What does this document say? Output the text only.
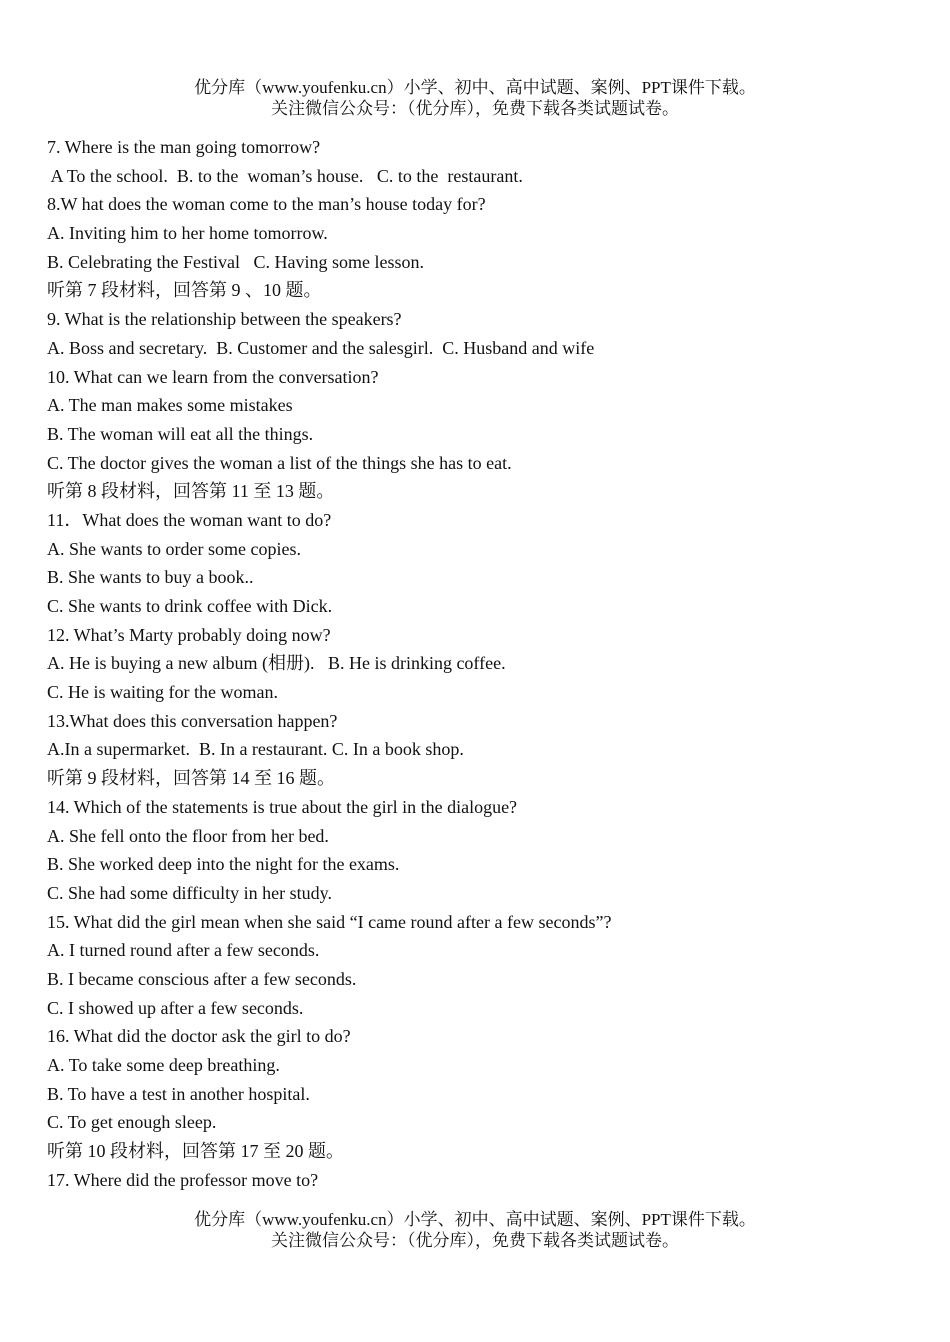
优分库（www.youfenku.cn）小学、初中、高中试题、案例、PPT课件下载。
关注微信公众号：（优分库），免费下载各类试题试卷。
7. Where is the man going tomorrow?
A To the school.  B. to the  woman’s house.   C. to the  restaurant.
8.W hat does the woman come to the man’s house today for?
A. Inviting him to her home tomorrow.
B. Celebrating the Festival   C. Having some lesson.
听第 7 段材料，回答第 9 、10 题。
9. What is the relationship between the speakers?
A. Boss and secretary.  B. Customer and the salesgirl.  C. Husband and wife
10. What can we learn from the conversation?
A. The man makes some mistakes
B. The woman will eat all the things.
C. The doctor gives the woman a list of the things she has to eat.
听第 8 段材料，回答第 11 至 13 题。
11．What does the woman want to do?
A. She wants to order some copies.
B. She wants to buy a book..
C. She wants to drink coffee with Dick.
12. What’s Marty probably doing now?
A. He is buying a new album (相册).   B. He is drinking coffee.
C. He is waiting for the woman.
13.What does this conversation happen?
A.In a supermarket.  B. In a restaurant. C. In a book shop.
听第 9 段材料，回答第 14 至 16 题。
14. Which of the statements is true about the girl in the dialogue?
A. She fell onto the floor from her bed.
B. She worked deep into the night for the exams.
C. She had some difficulty in her study.
15. What did the girl mean when she said “I came round after a few seconds”?
A. I turned round after a few seconds.
B. I became conscious after a few seconds.
C. I showed up after a few seconds.
16. What did the doctor ask the girl to do?
A. To take some deep breathing.
B. To have a test in another hospital.
C. To get enough sleep.
听第 10 段材料，回答第 17 至 20 题。
17. Where did the professor move to?
优分库（www.youfenku.cn）小学、初中、高中试题、案例、PPT课件下载。
关注微信公众号：（优分库），免费下载各类试题试卷。
